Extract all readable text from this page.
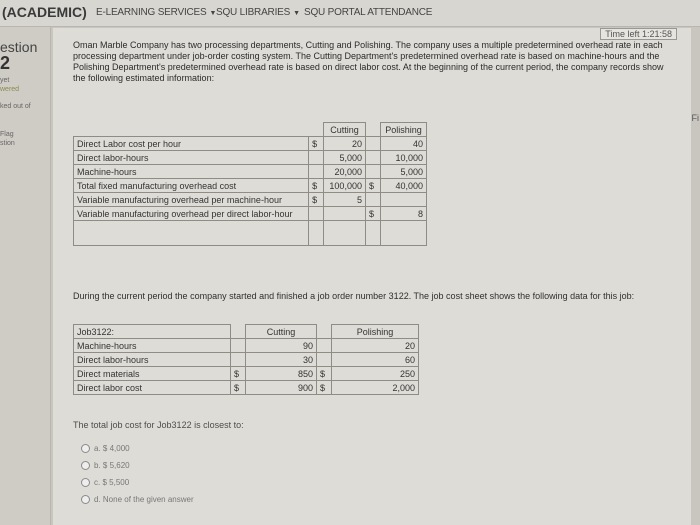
(ACADEMIC) E-LEARNING SERVICES ▼ SQU LIBRARIES ▼ SQU PORTAL ATTENDANCE
estion
2
yet
wered
ked out of
Flag
stion
Time left 1:21:58
Oman Marble Company has two processing departments, Cutting and Polishing. The company uses a multiple predetermined overhead rate in each processing department under job-order costing system. The Cutting Department's predetermined overhead rate is based on machine-hours and the Polishing Department's predetermined overhead rate is based on direct labor cost. At the beginning of the current period, the company records show the following estimated information:
Fi
		Cutting		Polishing
Direct Labor cost per hour	$	20		40
Direct labor-hours		5,000		10,000
Machine-hours		20,000		5,000
Total fixed manufacturing overhead cost	$	100,000	$	40,000
Variable manufacturing overhead per machine-hour	$	5		
Variable manufacturing overhead per direct labor-hour			$	8

During the current period the company started and finished a job order number 3122. The job cost sheet shows the following data for this job:
Job3122:		Cutting		Polishing
Machine-hours		90		20
Direct labor-hours		30		60
Direct materials	$	850	$	250
Direct labor cost	$	900	$	2,000
The total job cost for Job3122 is closest to:
a.
$ 4,000
b.
$ 5,620
c.
$ 5,500
d.
None of the given answer
